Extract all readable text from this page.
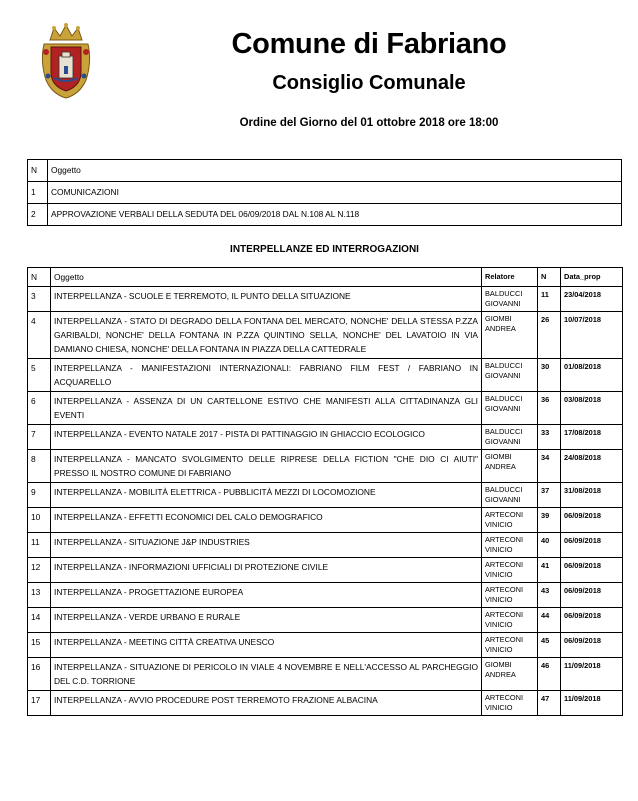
Comune di Fabriano
Consiglio Comunale
Ordine del Giorno del 01 ottobre 2018 ore 18:00
N	Oggetto
1	COMUNICAZIONI
2	APPROVAZIONE VERBALI DELLA SEDUTA DEL 06/09/2018 DAL N.108 AL N.118
INTERPELLANZE ED INTERROGAZIONI
N	Oggetto	Relatore	N	Data_prop
3	INTERPELLANZA - SCUOLE E TERREMOTO, IL PUNTO DELLA SITUAZIONE	BALDUCCI GIOVANNI	11	23/04/2018
4	INTERPELLANZA - STATO DI DEGRADO DELLA FONTANA DEL MERCATO, NONCHE' DELLA STESSA P.ZZA GARIBALDI, NONCHE' DELLA FONTANA IN P.ZZA QUINTINO SELLA, NONCHE' DEL LAVATOIO IN VIA DAMIANO CHIESA, NONCHE' DELLA FONTANA IN PIAZZA DELLA CATTEDRALE	GIOMBI ANDREA	26	10/07/2018
5	INTERPELLANZA - MANIFESTAZIONI INTERNAZIONALI: FABRIANO FILM FEST / FABRIANO IN ACQUARELLO	BALDUCCI GIOVANNI	30	01/08/2018
6	INTERPELLANZA - ASSENZA DI UN CARTELLONE ESTIVO CHE MANIFESTI ALLA CITTADINANZA GLI EVENTI	BALDUCCI GIOVANNI	36	03/08/2018
7	INTERPELLANZA - EVENTO NATALE 2017 - PISTA DI PATTINAGGIO IN GHIACCIO ECOLOGICO	BALDUCCI GIOVANNI	33	17/08/2018
8	INTERPELLANZA - MANCATO SVOLGIMENTO DELLE RIPRESE DELLA FICTION "CHE DIO CI AIUTI" PRESSO IL NOSTRO COMUNE DI FABRIANO	GIOMBI ANDREA	34	24/08/2018
9	INTERPELLANZA - MOBILITÀ ELETTRICA - PUBBLICITÀ MEZZI DI LOCOMOZIONE	BALDUCCI GIOVANNI	37	31/08/2018
10	INTERPELLANZA - EFFETTI ECONOMICI DEL CALO DEMOGRAFICO	ARTECONI VINICIO	39	06/09/2018
11	INTERPELLANZA - SITUAZIONE J&P INDUSTRIES	ARTECONI VINICIO	40	06/09/2018
12	INTERPELLANZA - INFORMAZIONI UFFICIALI DI PROTEZIONE CIVILE	ARTECONI VINICIO	41	06/09/2018
13	INTERPELLANZA - PROGETTAZIONE EUROPEA	ARTECONI VINICIO	43	06/09/2018
14	INTERPELLANZA - VERDE URBANO E RURALE	ARTECONI VINICIO	44	06/09/2018
15	INTERPELLANZA - MEETING CITTÀ CREATIVA UNESCO	ARTECONI VINICIO	45	06/09/2018
16	INTERPELLANZA - SITUAZIONE DI PERICOLO IN VIALE 4 NOVEMBRE E NELL'ACCESSO AL PARCHEGGIO DEL C.D. TORRIONE	GIOMBI ANDREA	46	11/09/2018
17	INTERPELLANZA - AVVIO PROCEDURE POST TERREMOTO FRAZIONE ALBACINA	ARTECONI VINICIO	47	11/09/2018
